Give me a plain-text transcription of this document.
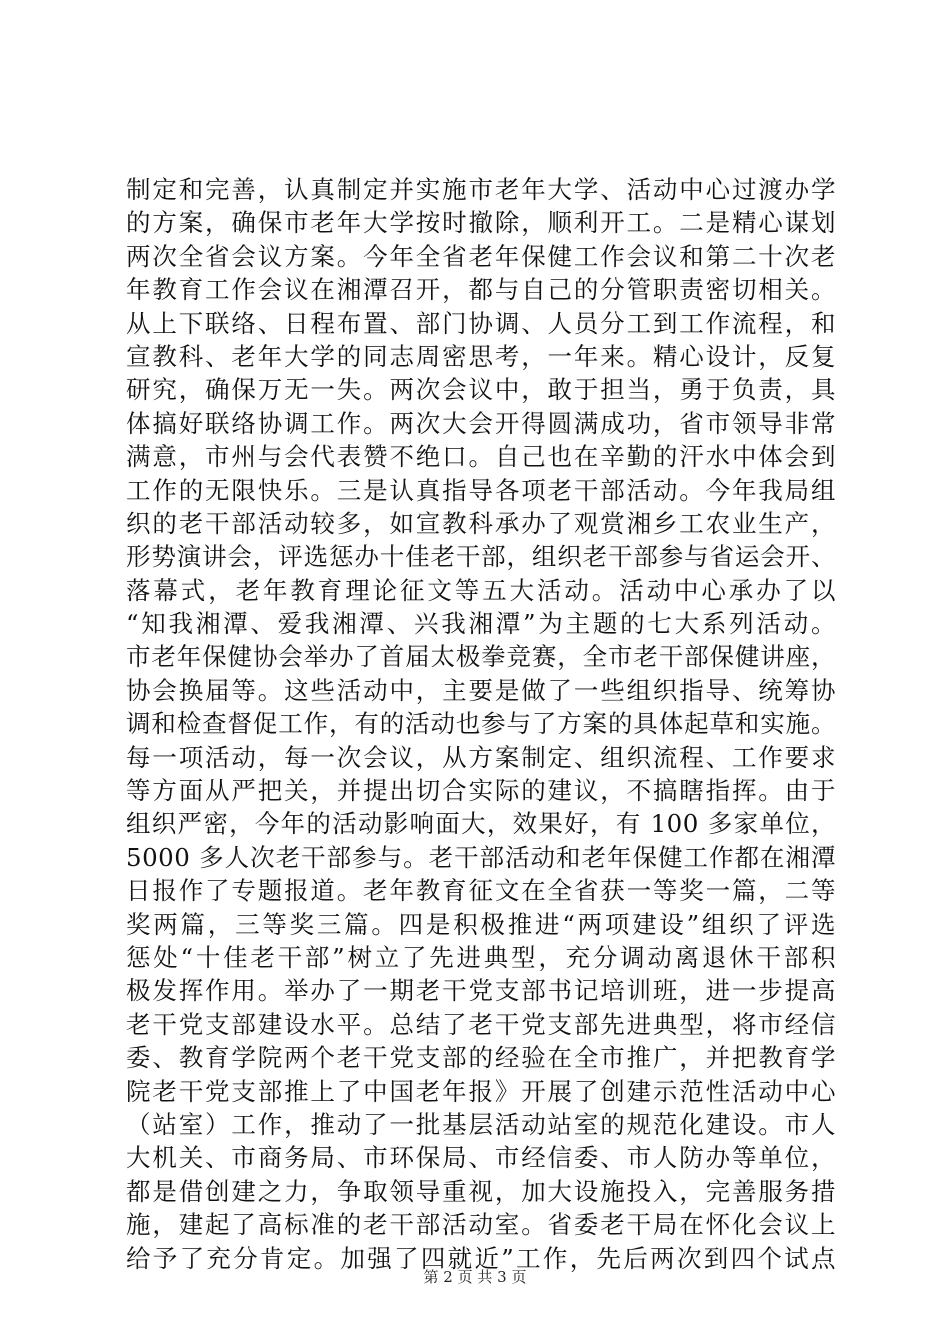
制定和完善，认真制定并实施市老年大学、活动中心过渡办学
的方案，确保市老年大学按时撤除，顺利开工。二是精心谋划
两次全省会议方案。今年全省老年保健工作会议和第二十次老
年教育工作会议在湘潭召开，都与自己的分管职责密切相关。
从上下联络、日程布置、部门协调、人员分工到工作流程，和
宣教科、老年大学的同志周密思考，一年来。精心设计，反复
研究，确保万无一失。两次会议中，敢于担当，勇于负责，具
体搞好联络协调工作。两次大会开得圆满成功，省市领导非常
满意，市州与会代表赞不绝口。自己也在辛勤的汗水中体会到
工作的无限快乐。三是认真指导各项老干部活动。今年我局组
织的老干部活动较多，如宣教科承办了观赏湘乡工农业生产，
形势演讲会，评选惩办十佳老干部，组织老干部参与省运会开、
落幕式，老年教育理论征文等五大活动。活动中心承办了以
“知我湘潭、爱我湘潭、兴我湘潭”为主题的七大系列活动。
市老年保健协会举办了首届太极拳竞赛，全市老干部保健讲座，
协会换届等。这些活动中，主要是做了一些组织指导、统筹协
调和检查督促工作，有的活动也参与了方案的具体起草和实施。
每一项活动，每一次会议，从方案制定、组织流程、工作要求
等方面从严把关，并提出切合实际的建议，不搞瞎指挥。由于
组织严密，今年的活动影响面大，效果好，有 100 多家单位，
5000 多人次老干部参与。老干部活动和老年保健工作都在湘潭
日报作了专题报道。老年教育征文在全省获一等奖一篇，二等
奖两篇，三等奖三篇。四是积极推进“两项建设”组织了评选
惩处“十佳老干部”树立了先进典型，充分调动离退休干部积
极发挥作用。举办了一期老干党支部书记培训班，进一步提高
老干党支部建设水平。总结了老干党支部先进典型，将市经信
委、教育学院两个老干党支部的经验在全市推广，并把教育学
院老干党支部推上了中国老年报》开展了创建示范性活动中心
（站室）工作，推动了一批基层活动站室的规范化建设。市人
大机关、市商务局、市环保局、市经信委、市人防办等单位，
都是借创建之力，争取领导重视，加大设施投入，完善服务措
施，建起了高标准的老干部活动室。省委老干局在怀化会议上
给予了充分肯定。加强了四就近”工作，先后两次到四个试点
第 2 页 共 3 页
